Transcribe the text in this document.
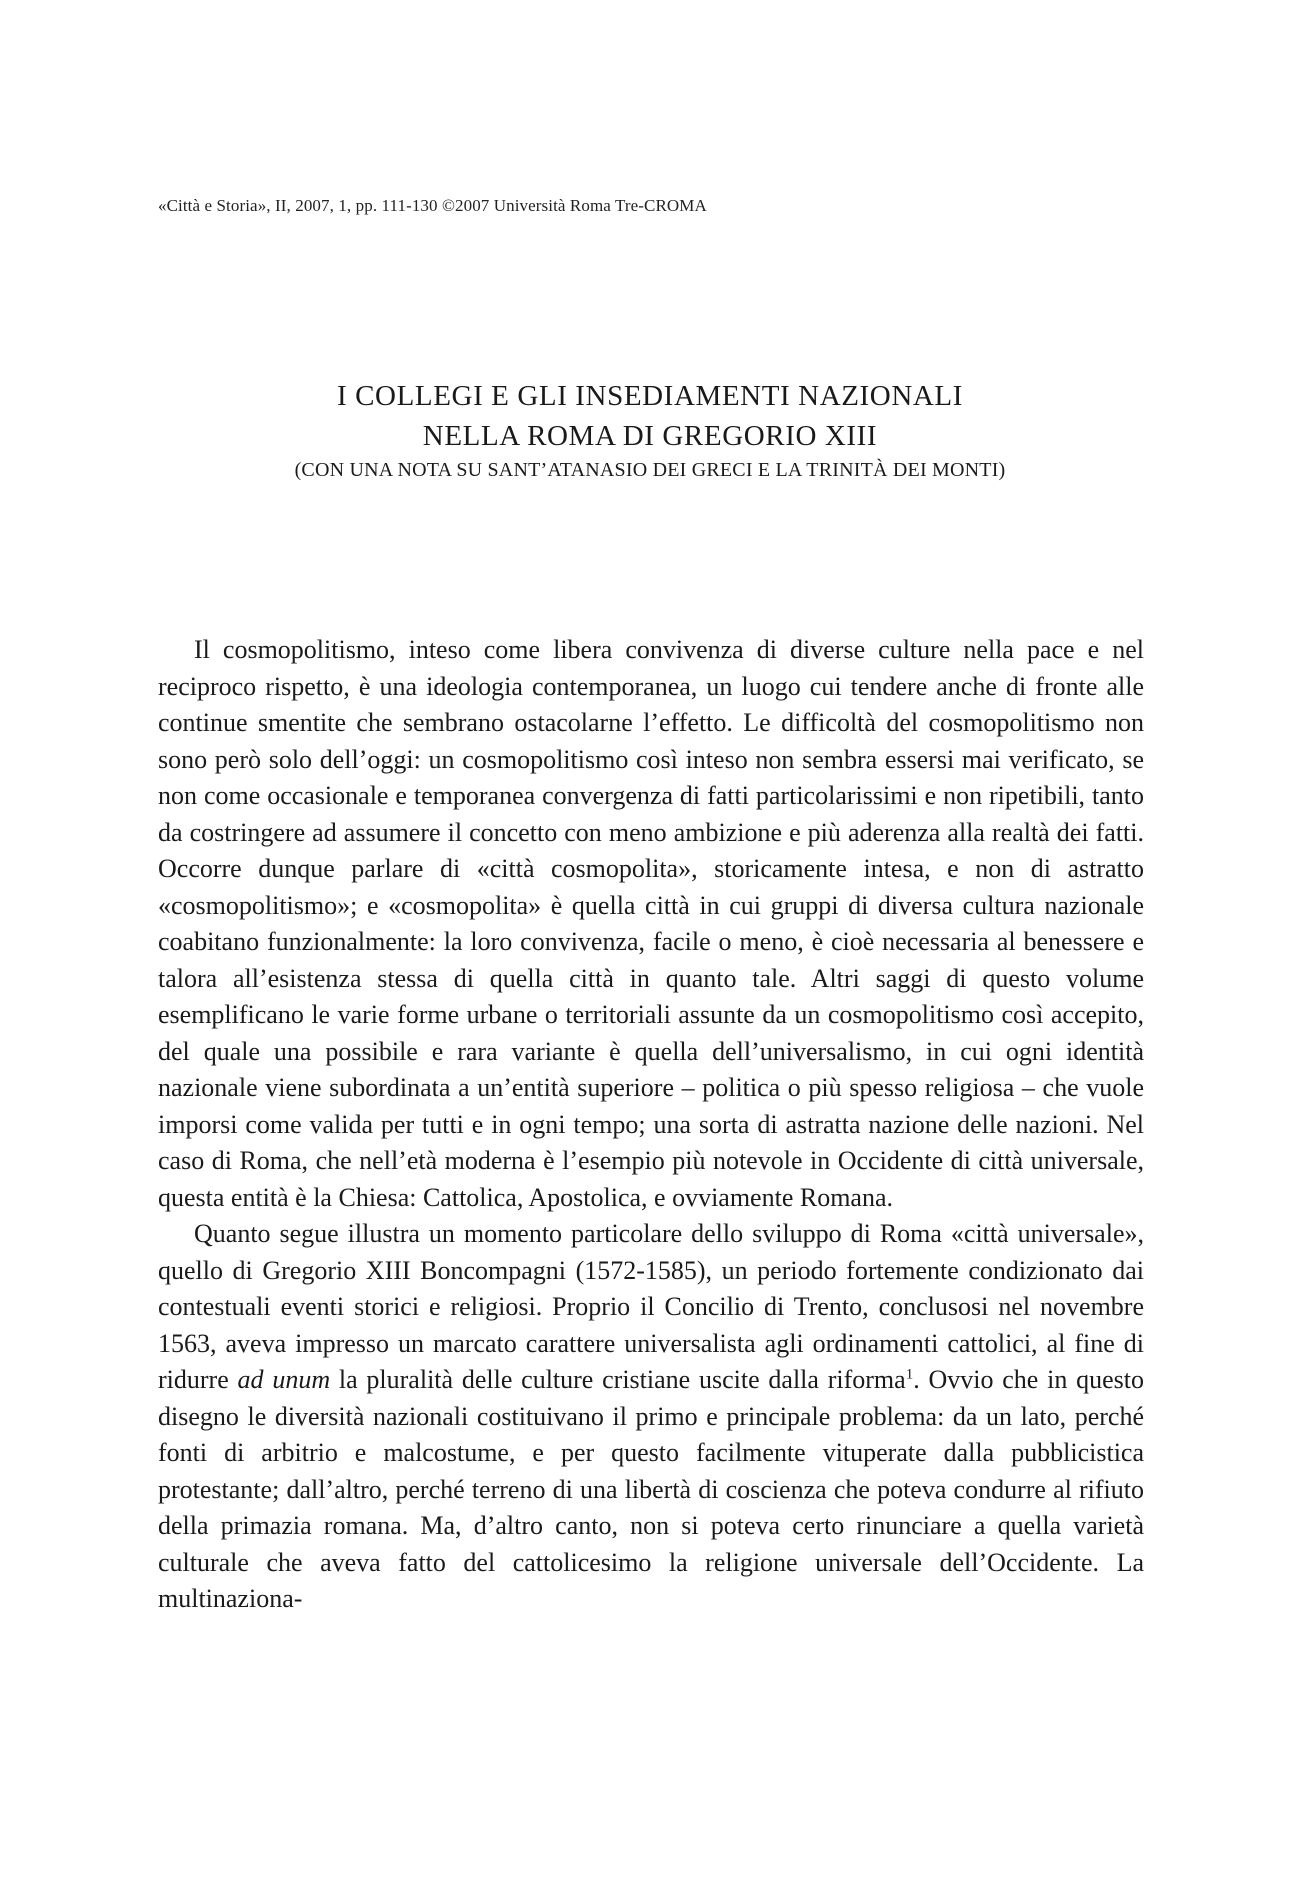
«Città e Storia», II, 2007, 1, pp. 111-130 ©2007 Università Roma Tre-CROMA
I COLLEGI E GLI INSEDIAMENTI NAZIONALI
NELLA ROMA DI GREGORIO XIII
(CON UNA NOTA SU SANT’ATANASIO DEI GRECI E LA TRINITÀ DEI MONTI)

Il cosmopolitismo, inteso come libera convivenza di diverse culture nella pace e nel reciproco rispetto, è una ideologia contemporanea, un luogo cui tendere anche di fronte alle continue smentite che sembrano ostacolarne l’effetto. Le difficoltà del cosmopolitismo non sono però solo dell’oggi: un cosmopolitismo così inteso non sembra essersi mai verificato, se non come occasionale e temporanea convergenza di fatti particolarissimi e non ripetibili, tanto da costringere ad assumere il concetto con meno ambizione e più aderenza alla realtà dei fatti. Occorre dunque parlare di «città cosmopolita», storicamente intesa, e non di astratto «cosmopolitismo»; e «cosmopolita» è quella città in cui gruppi di diversa cultura nazionale coabitano funzionalmente: la loro convivenza, facile o meno, è cioè necessaria al benessere e talora all’esistenza stessa di quella città in quanto tale. Altri saggi di questo volume esemplificano le varie forme urbane o territoriali assunte da un cosmopolitismo così accepito, del quale una possibile e rara variante è quella dell’universalismo, in cui ogni identità nazionale viene subordinata a un’entità superiore – politica o più spesso religiosa – che vuole imporsi come valida per tutti e in ogni tempo; una sorta di astratta nazione delle nazioni. Nel caso di Roma, che nell’età moderna è l’esempio più notevole in Occidente di città universale, questa entità è la Chiesa: Cattolica, Apostolica, e ovviamente Romana.

Quanto segue illustra un momento particolare dello sviluppo di Roma «città universale», quello di Gregorio XIII Boncompagni (1572-1585), un periodo fortemente condizionato dai contestuali eventi storici e religiosi. Proprio il Concilio di Trento, conclusosi nel novembre 1563, aveva impresso un marcato carattere universalista agli ordinamenti cattolici, al fine di ridurre ad unum la pluralità delle culture cristiane uscite dalla riforma$^1$. Ovvio che in questo disegno le diversità nazionali costituivano il primo e principale problema: da un lato, perché fonti di arbitrio e malcostume, e per questo facilmente vituperate dalla pubblicistica protestante; dall’altro, perché terreno di una libertà di coscienza che poteva condurre al rifiuto della primazia romana. Ma, d’altro canto, non si poteva certo rinunciare a quella varietà culturale che aveva fatto del cattolicesimo la religione universale dell’Occidente. La multinaziona-
